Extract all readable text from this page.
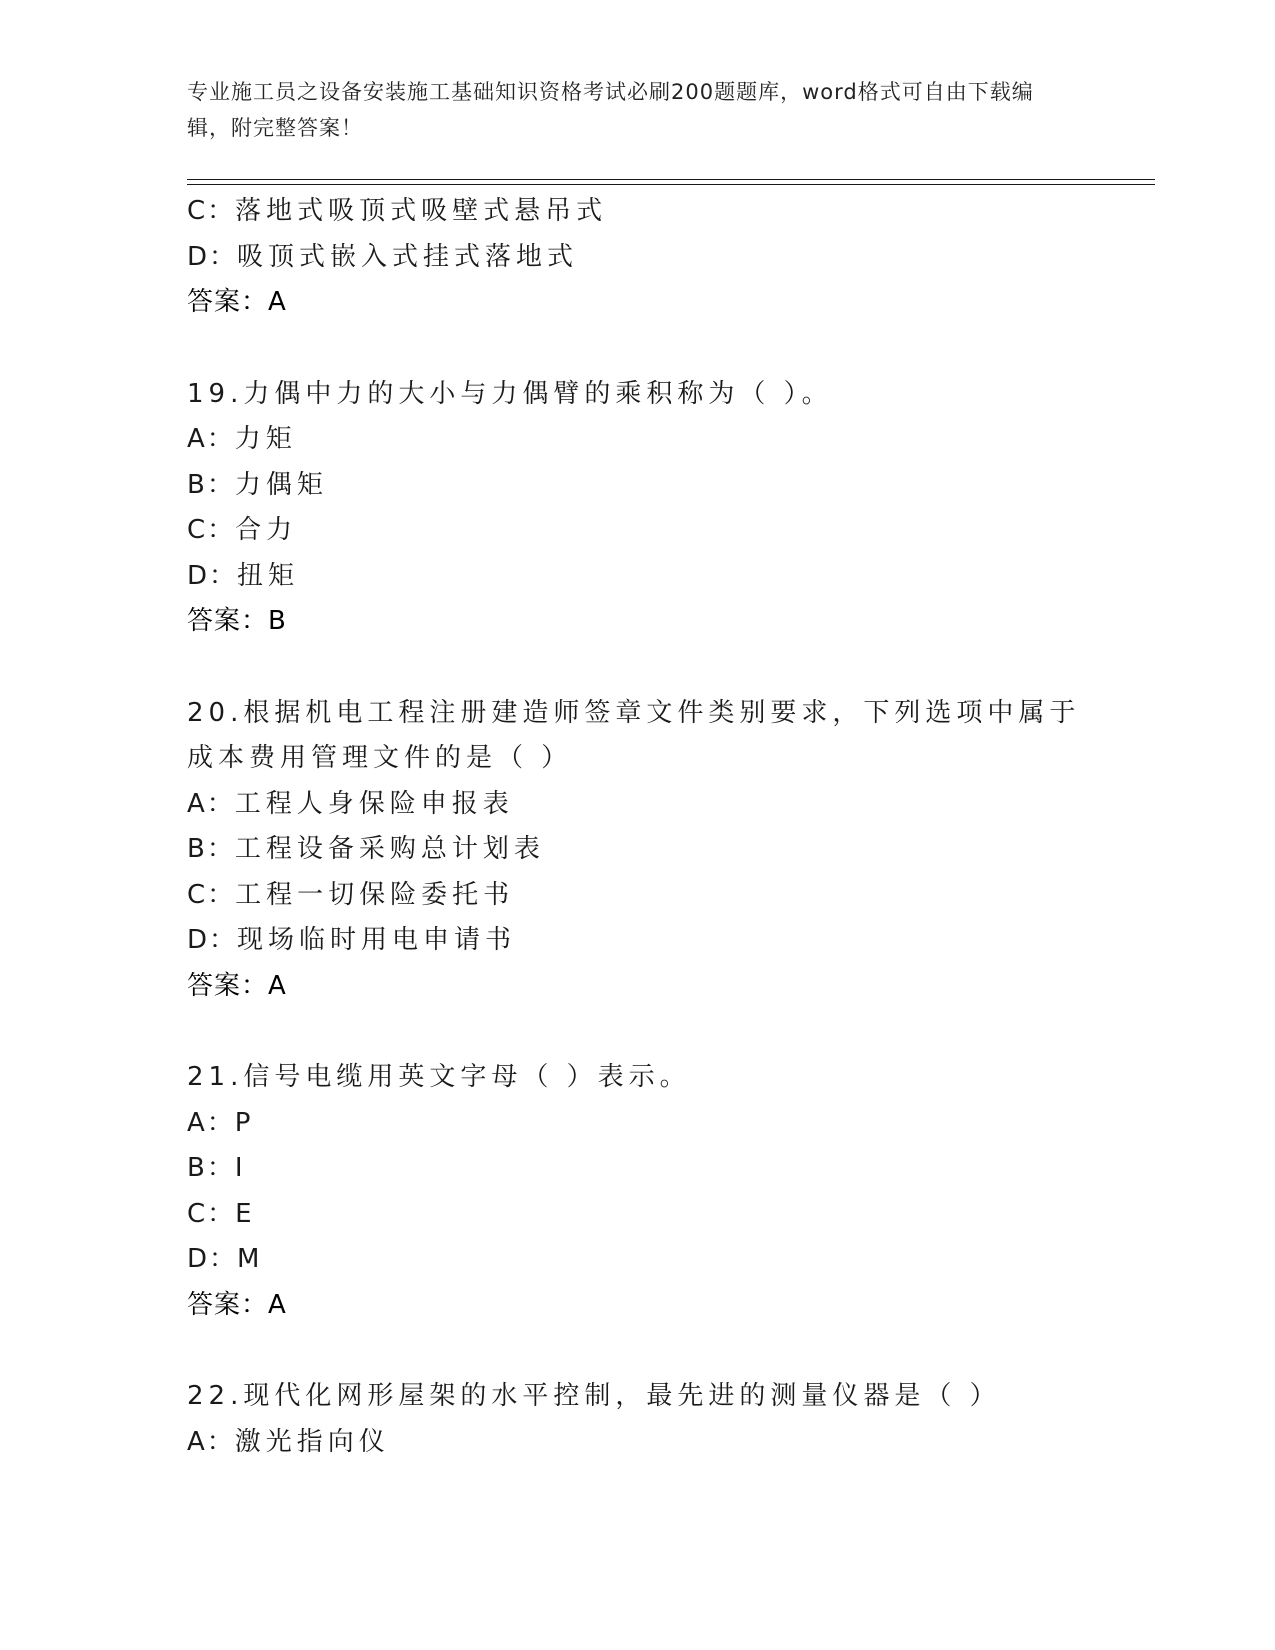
专业施工员之设备安装施工基础知识资格考试必刷200题题库，word格式可自由下载编辑，附完整答案！
C：落地式吸顶式吸壁式悬吊式
D：吸顶式嵌入式挂式落地式
答案：A
19.力偶中力的大小与力偶臂的乘积称为（ ）。
A：力矩
B：力偶矩
C：合力
D：扭矩
答案：B
20.根据机电工程注册建造师签章文件类别要求，下列选项中属于成本费用管理文件的是（ ）
A：工程人身保险申报表
B：工程设备采购总计划表
C：工程一切保险委托书
D：现场临时用电申请书
答案：A
21.信号电缆用英文字母（ ）表示。
A：P
B：I
C：E
D：M
答案：A
22.现代化网形屋架的水平控制，最先进的测量仪器是（ ）
A：激光指向仪
